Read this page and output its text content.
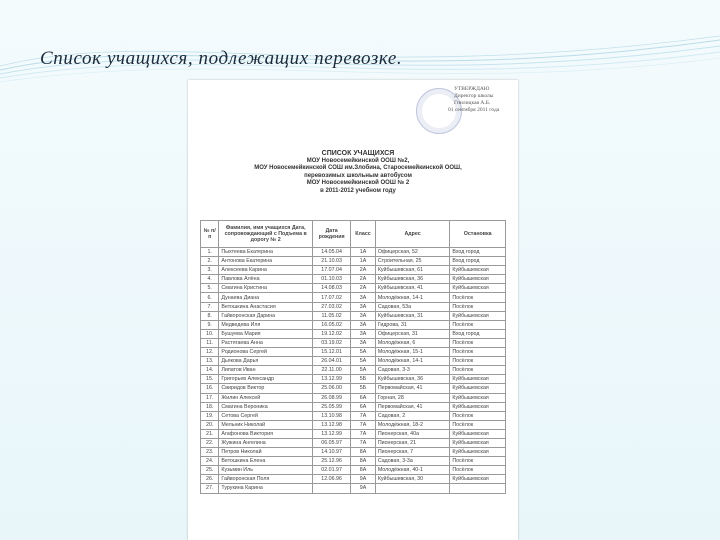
Список учащихся, подлежащих перевозке.
УТВЕРЖДАЮ
Директор школы
Гнилицкая А.Б.
01 сентября 2011 года
СПИСОК УЧАЩИХСЯ
МОУ Новосемейкинской ООШ №2,
МОУ Новосемейкинской СОШ им.Злобина, Старосемейкинской ООШ,
перевозимых школьным автобусом
МОУ Новосемейкинской ООШ № 2
в 2011-2012 учебном году
№ п/п	Фамилия, имя учащихся Дата, сопровождающий с Подъема в дорогу № 2	Дата рождения	Класс	Адрес	Остановка
1.	Пыхтеева Екатерина	14.05.04	1А	Офицерская, 52	Вход город
2.	Антонова Екатерина	21.10.03	1А	Строительная, 25	Вход город
3.	Алексеева Карина	17.07.04	2А	Куйбышевская, 61	Куйбышевская
4.	Павлова Алёна	01.10.03	2А	Куйбышевская, 36	Куйбышевская
5.	Смагина Кристина	14.08.03	2А	Куйбышевская, 41	Куйбышевская
6.	Дунаева Диана	17.07.02	3А	Молодёжная, 14-1	Посёлок
7.	Ветошкина Анастасия	27.03.02	3А	Садовая, 53а	Посёлок
8.	Гайворонская Дарина	11.05.02	3А	Куйбышевская, 31	Куйбышевская
9.	Медведева Иля	16.05.02	3А	Гидрова, 31	Посёлок
10.	Бушуева Мария	19.12.02	3А	Офицерская, 31	Вход город
11.	Растягаева Анна	03.19.02	3А	Молодёжная, 6	Посёлок
12.	Родионова Сергей	15.12.01	5А	Молодёжная, 15-1	Посёлок
13.	Дьякова Дарья	26.04.01	5А	Молодёжная, 14-1	Посёлок
14.	Липатов Иван	22.11.00	5А	Садовая, 3-3	Посёлок
15.	Григорьев Александр	13.12.99	5Б	Куйбышевская, 36	Куйбышевская
16.	Свиридов Виктор	25.06.00	5Б	Первомайская, 41	Куйбышевская
17.	Жилин Алексей	26.08.99	6А	Горная, 28	Куйбышевская
18.	Смагина Вероника	25.05.99	6А	Первомайская, 41	Куйбышевская
19.	Сетова Сергей	13.10.98	7А	Садовая, 2	Посёлок
20.	Мельник Николай	13.12.98	7А	Молодёжная, 18-2	Посёлок
21.	Агафонова Виктория	13.12.99	7А	Пионерская, 40а	Куйбышевская
22.	Жужина Ангелина	06.05.97	7А	Пионерская, 21	Куйбышевская
23.	Петров Николай	14.10.97	8А	Пионерская, 7	Куйбышевская
24.	Ветошкина Елена	25.12.96	8А	Садовая, 3-3а	Посёлок
25.	Кузьмин Иль	02.01.97	8А	Молодёжная, 40-1	Посёлок
26.	Гайворонская Поля	12.06.96	9А	Куйбышевская, 30	Куйбышевская
27.	Турукина Карина		9А		
